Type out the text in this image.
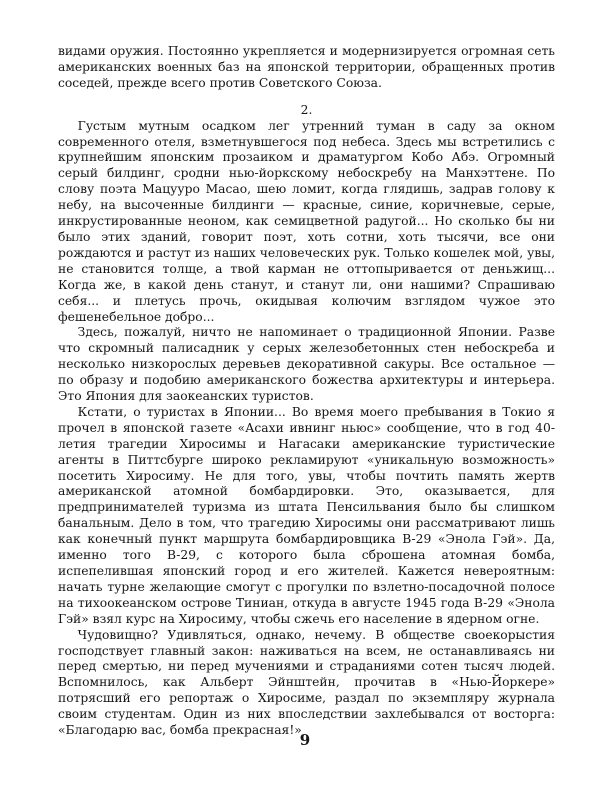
видами оружия. Постоянно укрепляется и модернизируется огромная сеть американских военных баз на японской территории, обращенных против соседей, прежде всего против Советского Союза.

2.

Густым мутным осадком лег утренний туман в саду за окном современного отеля, взметнувшегося под небеса. Здесь мы встретились с крупнейшим японским прозаиком и драматургом Кобо Абэ. Огромный серый билдинг, сродни нью-йоркскому небоскребу на Манхэттене. По слову поэта Мацууро Масао, шею ломит, когда глядишь, задрав голову к небу, на высоченные билдинги — красные, синие, коричневые, серые, инкрустированные неоном, как семицветной радугой... Но сколько бы ни было этих зданий, говорит поэт, хоть сотни, хоть тысячи, все они рождаются и растут из наших человеческих рук. Только кошелек мой, увы, не становится толще, а твой карман не оттопыривается от деньжищ... Когда же, в какой день станут, и станут ли, они нашими? Спрашиваю себя... и плетусь прочь, окидывая колючим взглядом чужое это фешенебельное добро...

Здесь, пожалуй, ничто не напоминает о традиционной Японии. Разве что скромный палисадник у серых железобетонных стен небоскреба и несколько низкорослых деревьев декоративной сакуры. Все остальное — по образу и подобию американского божества архитектуры и интерьера. Это Япония для заокеанских туристов.

Кстати, о туристах в Японии... Во время моего пребывания в Токио я прочел в японской газете «Асахи ивнинг ньюс» сообщение, что в год 40-летия трагедии Хиросимы и Нагасаки американские туристические агенты в Питтсбурге широко рекламируют «уникальную возможность» посетить Хиросиму. Не для того, увы, чтобы почтить память жертв американской атомной бомбардировки. Это, оказывается, для предпринимателей туризма из штата Пенсильвания было бы слишком банальным. Дело в том, что трагедию Хиросимы они рассматривают лишь как конечный пункт маршрута бомбардировщика B-29 «Энола Гэй». Да, именно того B-29, с которого была сброшена атомная бомба, испепелившая японский город и его жителей. Кажется невероятным: начать турне желающие смогут с прогулки по взлетно-посадочной полосе на тихоокеанском острове Тиниан, откуда в августе 1945 года B-29 «Энола Гэй» взял курс на Хиросиму, чтобы сжечь его население в ядерном огне.

Чудовищно? Удивляться, однако, нечему. В обществе своекорыстия господствует главный закон: наживаться на всем, не останавливаясь ни перед смертью, ни перед мучениями и страданиями сотен тысяч людей. Вспомнилось, как Альберт Эйнштейн, прочитав в «Нью-Йоркере» потрясший его репортаж о Хиросиме, раздал по экземпляру журнала своим студентам. Один из них впоследствии захлебывался от восторга: «Благодарю вас, бомба прекрасная!»

9
